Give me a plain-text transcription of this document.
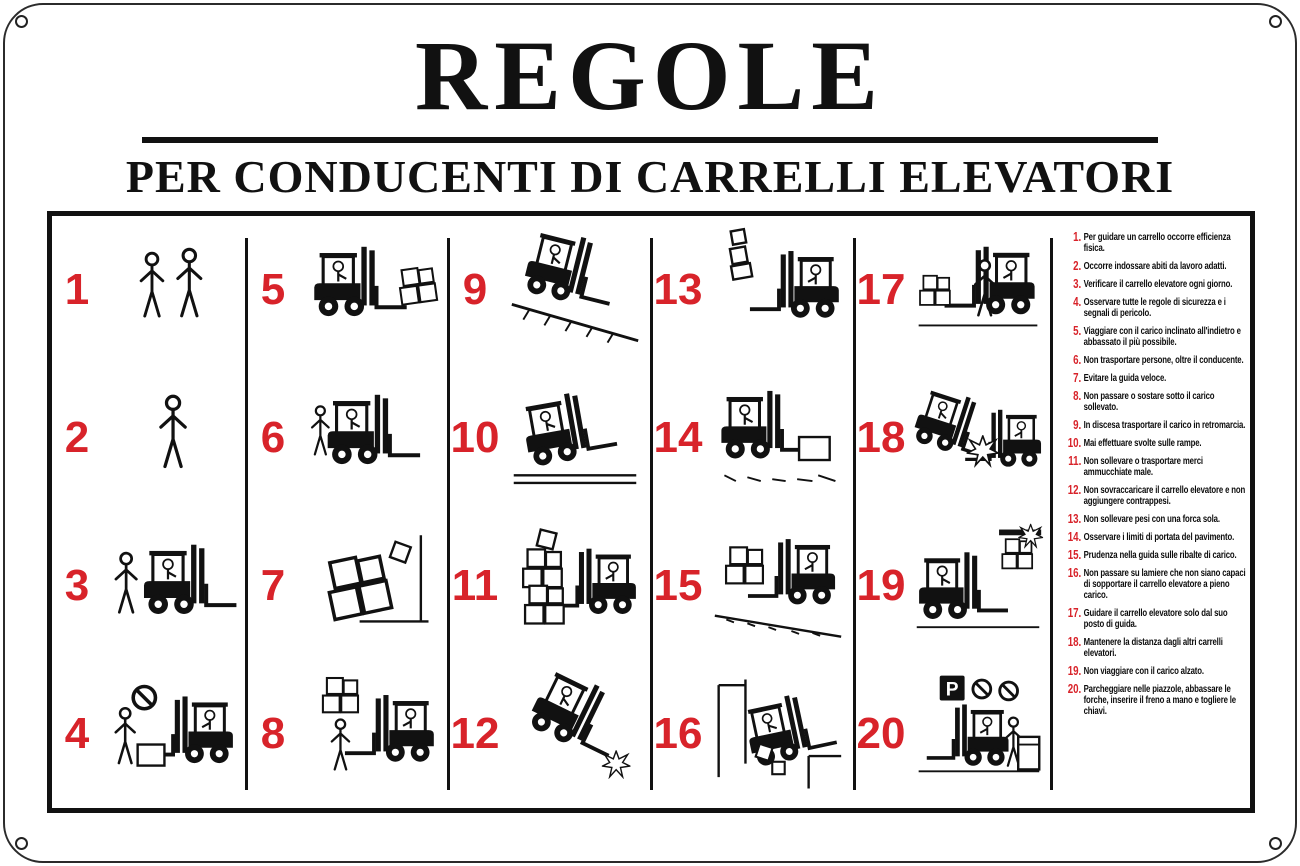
REGOLE
PER CONDUCENTI DI CARRELLI ELEVATORI
1
2
3
4
5
6
7
8
9
10
11
12
13
14
15
16
17
18
19
20
P
1. Per guidare un carrello occorre efficienza fisica.
2. Occorre indossare abiti da lavoro adatti.
3. Verificare il carrello elevatore ogni giorno.
4. Osservare tutte le regole di sicurezza e i segnali di pericolo.
5. Viaggiare con il carico inclinato all'indietro e abbassato il più possibile.
6. Non trasportare persone, oltre il conducente.
7. Evitare la guida veloce.
8. Non passare o sostare sotto il carico sollevato.
9. In discesa trasportare il carico in retromarcia.
10. Mai effettuare svolte sulle rampe.
11. Non sollevare o trasportare merci ammucchiate male.
12. Non sovraccaricare il carrello elevatore e non aggiungere contrappesi.
13. Non sollevare pesi con una forca sola.
14. Osservare i limiti di portata del pavimento.
15. Prudenza nella guida sulle ribalte di carico.
16. Non passare su lamiere che non siano capaci di sopportare il carrello elevatore a pieno carico.
17. Guidare il carrello elevatore solo dal suo posto di guida.
18. Mantenere la distanza dagli altri carrelli elevatori.
19. Non viaggiare con il carico alzato.
20. Parcheggiare nelle piazzole, abbassare le forche, inserire il freno a mano e togliere le chiavi.
